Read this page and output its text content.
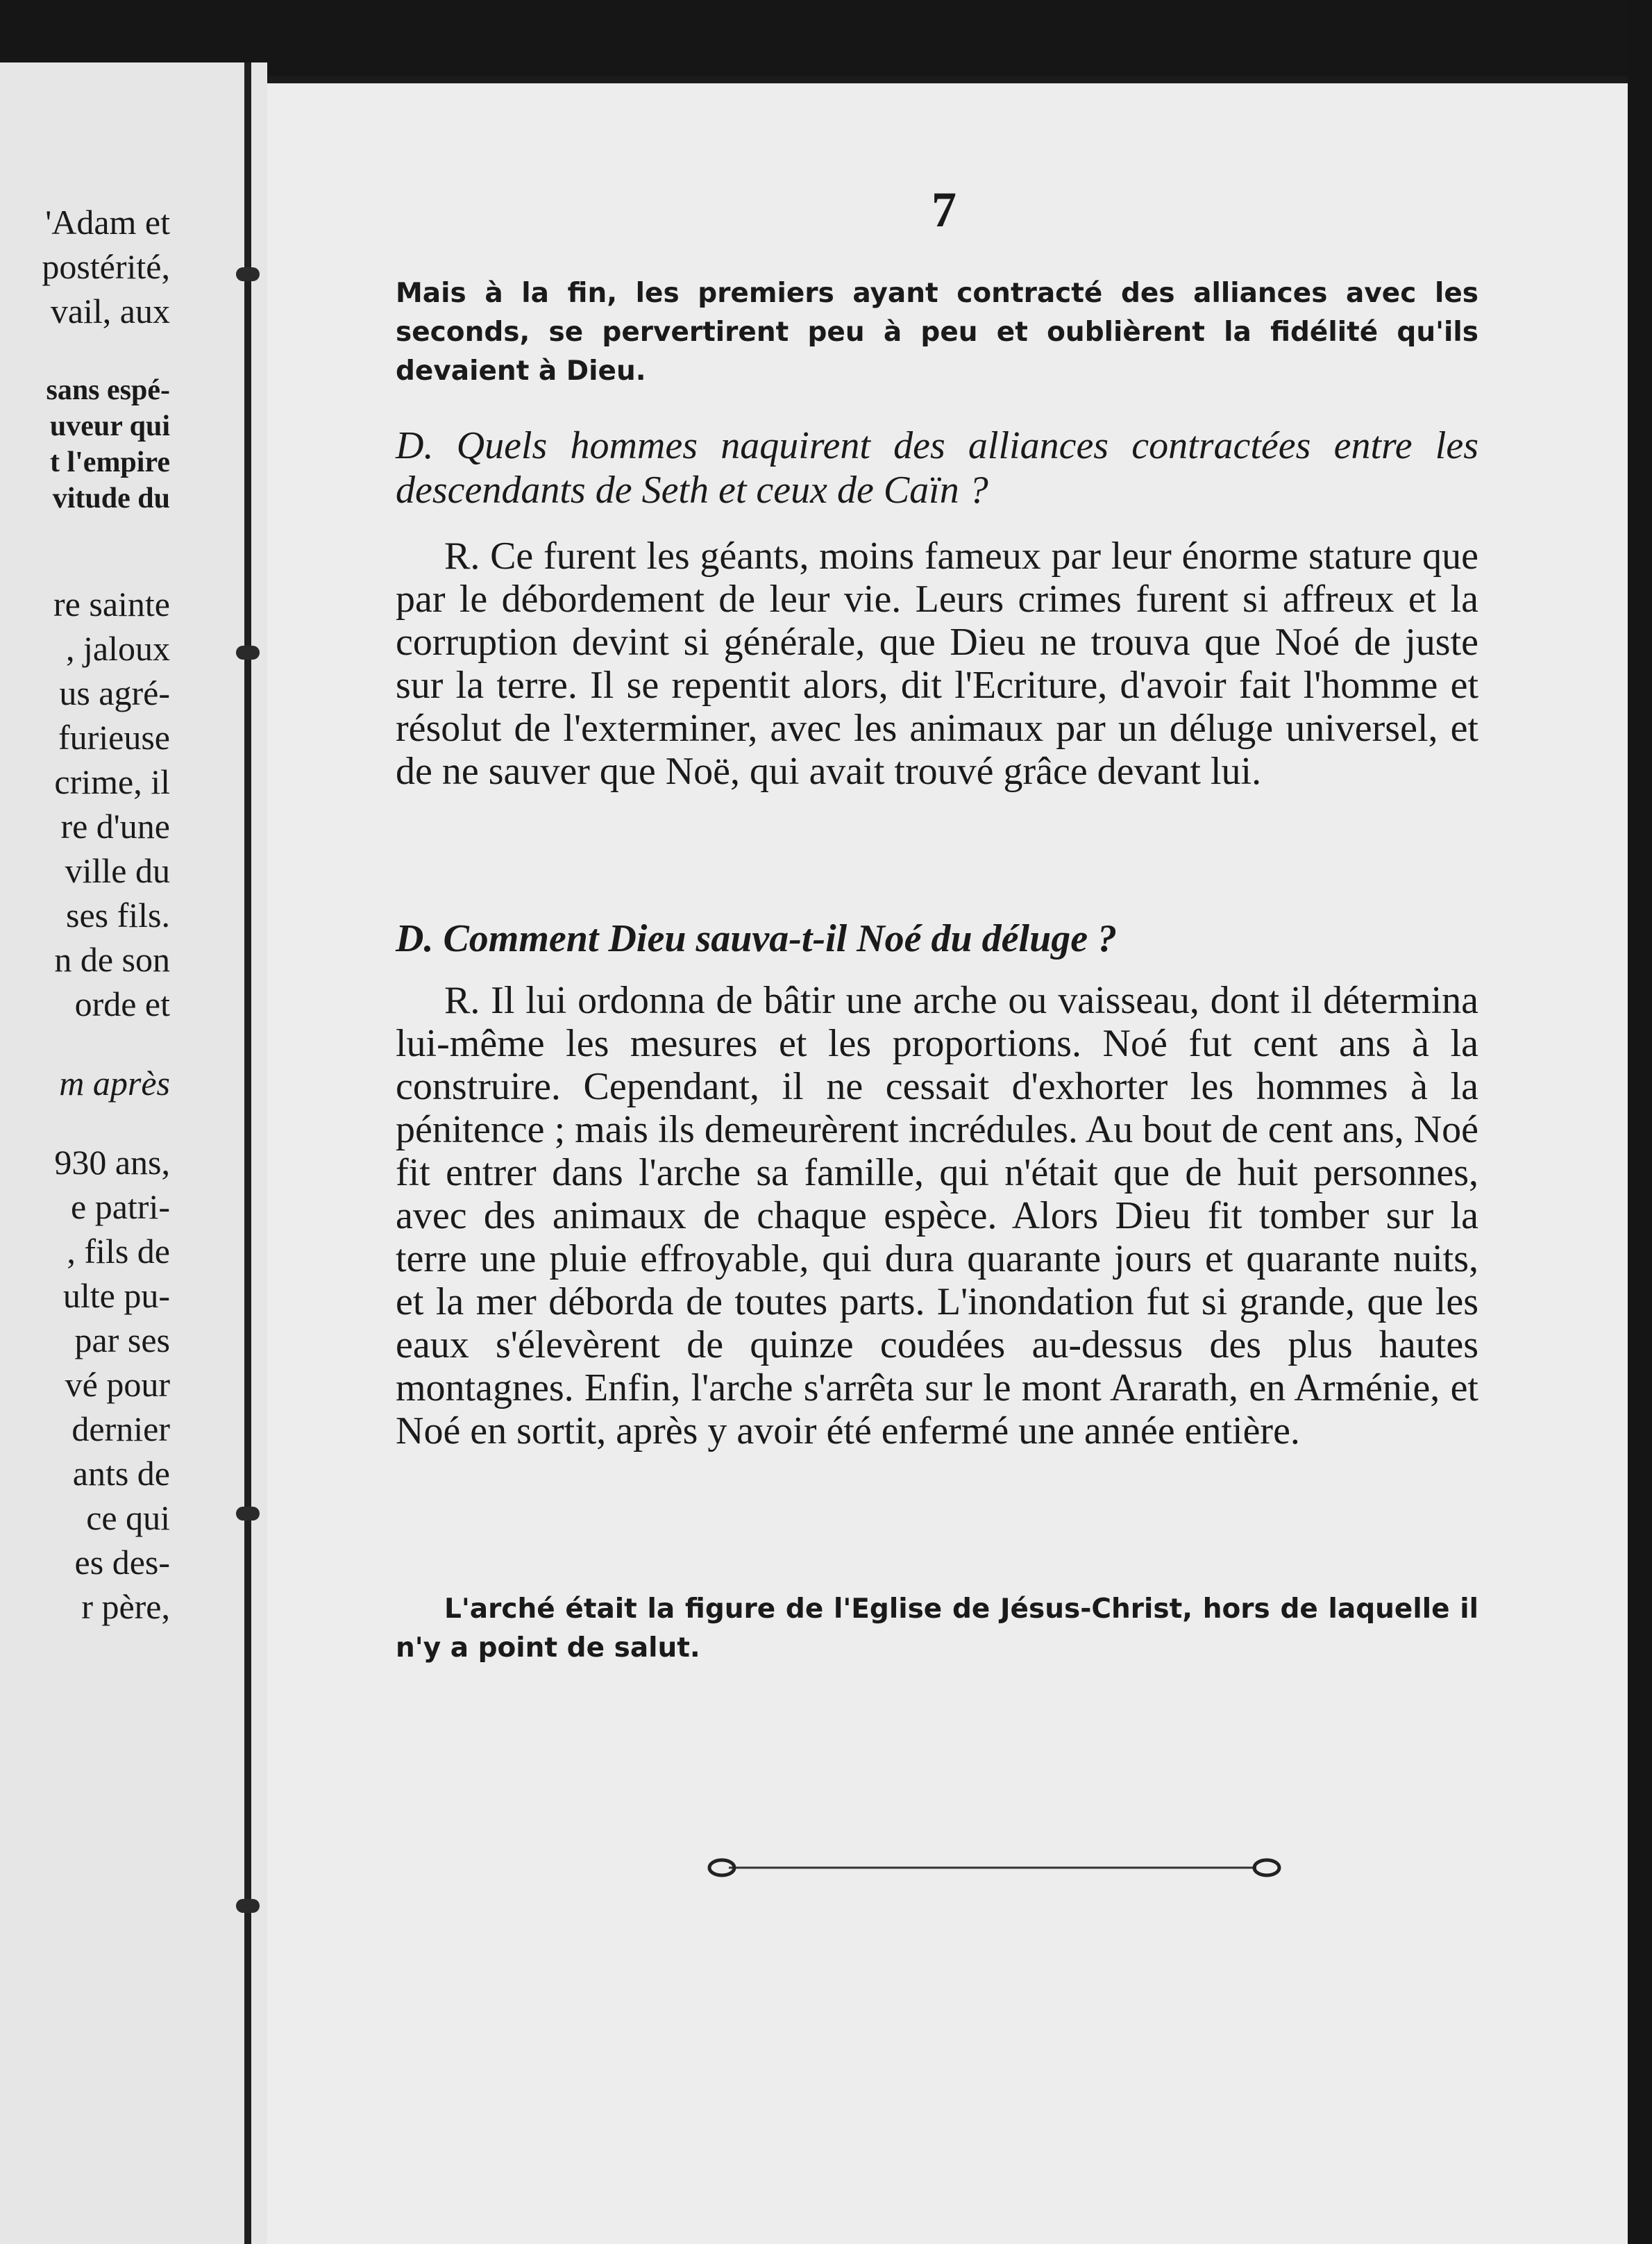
'Adam et
postérité,
vail, aux
sans espé-
uveur qui
t l'empire
vitude du
re sainte
, jaloux
us agré-
furieuse
crime, il
re d'une
ville du
ses fils.
n de son
orde et
m après
930 ans,
e patri-
, fils de
ulte pu-
par ses
vé pour
dernier
ants de
ce qui
es des-
r père,
7
Mais à la fin, les premiers ayant contracté des alliances avec les seconds, se pervertirent peu à peu et oublièrent la fidélité qu'ils devaient à Dieu.
D. Quels hommes naquirent des alliances contractées entre les descendants de Seth et ceux de Caïn ?
R. Ce furent les géants, moins fameux par leur énorme stature que par le débordement de leur vie. Leurs crimes furent si affreux et la corruption devint si générale, que Dieu ne trouva que Noé de juste sur la terre. Il se repentit alors, dit l'Ecriture, d'avoir fait l'homme et résolut de l'exterminer, avec les animaux par un déluge universel, et de ne sauver que Noë, qui avait trouvé grâce devant lui.
D. Comment Dieu sauva-t-il Noé du déluge ?
R. Il lui ordonna de bâtir une arche ou vaisseau, dont il détermina lui-même les mesures et les proportions. Noé fut cent ans à la construire. Cependant, il ne cessait d'exhorter les hommes à la pénitence ; mais ils demeurèrent incrédules. Au bout de cent ans, Noé fit entrer dans l'arche sa famille, qui n'était que de huit personnes, avec des animaux de chaque espèce. Alors Dieu fit tomber sur la terre une pluie effroyable, qui dura quarante jours et quarante nuits, et la mer déborda de toutes parts. L'inondation fut si grande, que les eaux s'élevèrent de quinze coudées au-dessus des plus hautes montagnes. Enfin, l'arche s'arrêta sur le mont Ararath, en Arménie, et Noé en sortit, après y avoir été enfermé une année entière.
L'arché était la figure de l'Eglise de Jésus-Christ, hors de laquelle il n'y a point de salut.
